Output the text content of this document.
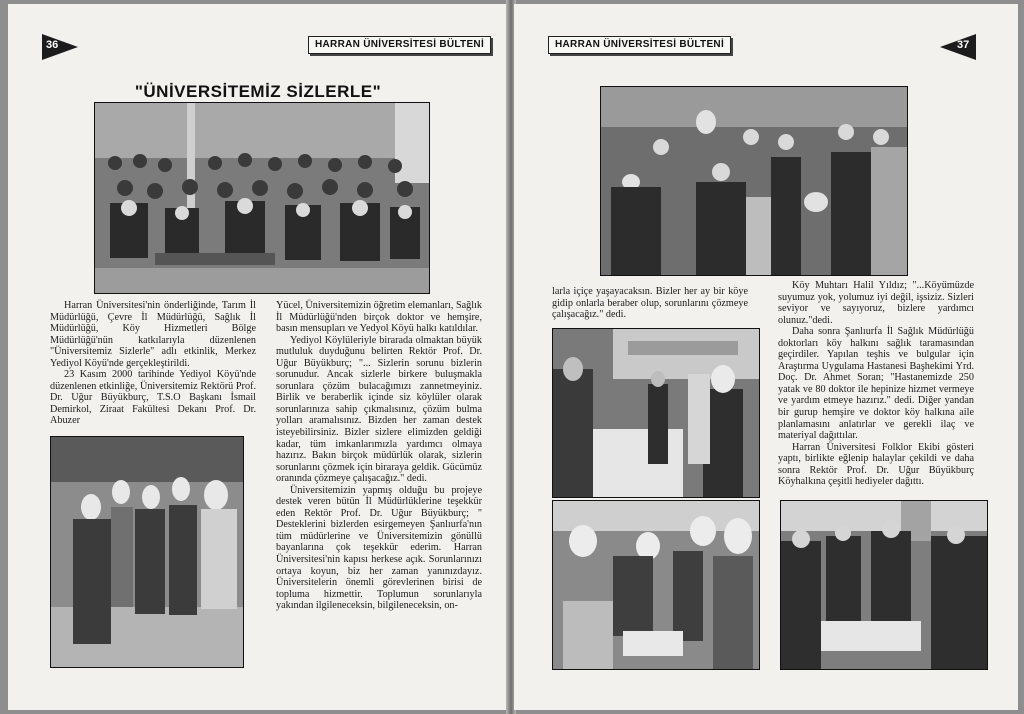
36	HARRAN ÜNİVERSİTESİ BÜLTENİ
"ÜNİVERSİTEMİZ SİZLERLE"

Harran Üniversitesi'nin önderliğinde, Tarım İl Müdürlüğü, Çevre İl Müdürlüğü, Sağlık İl Müdürlüğü, Köy Hizmetleri Bölge Müdürlüğü'nün katkılarıyla düzenlenen "Üniversitemiz Sizlerle" adlı etkinlik, Merkez Yediyol Köyü'nde gerçekleştirildi.

23 Kasım 2000 tarihinde Yediyol Köyü'nde düzenlenen etkinliğe, Üniversitemiz Rektörü Prof. Dr. Uğur Büyükburç, T.S.O Başkanı İsmail Demirkol, Ziraat Fakültesi Dekanı Prof. Dr. Abuzer

Yücel, Üniversitemizin öğretim elemanları, Sağlık İl Müdürlüğü'nden birçok doktor ve hemşire, basın mensupları ve Yedyol Köyü halkı katıldılar.

Yediyol Köylüleriyle birarada olmaktan büyük mutluluk duyduğunu belirten Rektör Prof. Dr. Uğur Büyükburç; "... Sizlerin sorunu bizlerin sorunudur. Ancak sizlerle birkere buluşmakla sorunlara çözüm bulacağımızı zannetmeyiniz. Birlik ve beraberlik içinde siz köylüler olarak sorunlarınıza sahip çıkmalısınız, çözüm bulma yolları aramalısınız. Bizden her zaman destek isteyebilirsiniz. Bizler sizlere elimizden geldiği kadar, tüm imkanlarımızla yardımcı olmaya hazırız. Bakın birçok müdürlük olarak, sizlerin sorunlarını çözmek için biraraya geldik. Gücümüz oranında çözmeye çalışacağız." dedi.

Üniversitemizin yapmış olduğu bu projeye destek veren bütün İl Müdürlüklerine teşekkür eden Rektör Prof. Dr. Uğur Büyükburç; " Desteklerini bizlerden esirgemeyen Şanlıurfa'nın tüm müdürlerine ve Üniversitemizin gönüllü bayanlarına çok teşekkür ederim. Harran Üniversitesi'nin kapısı herkese açık. Sorunlarınızı ortaya koyun, biz her zaman yanınızdayız. Üniversitelerin önemli görevlerinen birisi de topluma hizmettir. Toplumun sorunlarıyla yakından ilgileneceksin, bilgileneceksin, on-

HARRAN ÜNİVERSİTESİ BÜLTENİ	37

larla içiçe yaşayacaksın. Bizler her ay bir köye gidip onlarla beraber olup, sorunlarını çözmeye çalışacağız." dedi.

Köy Muhtarı Halil Yıldız; "...Köyümüzde suyumuz yok, yolumuz iyi değil, işsiziz. Sizleri seviyor ve sayıyoruz, bizlere yardımcı olunuz."dedi.

Daha sonra Şanlıurfa İl Sağlık Müdürlüğü doktorları köy halkını sağlık taramasından geçirdiler. Yapılan teşhis ve bulgular için Araştırma Uygulama Hastanesi Başhekimi Yrd. Doç. Dr. Ahmet Soran; "Hastanemizde 250 yatak ve 80 doktor ile hepinize hizmet vermeye ve yardım etmeye hazırız." dedi. Diğer yandan bir gurup hemşire ve doktor köy halkına aile planlamasını anlatırlar ve gerekli ilaç ve materiyal dağıttılar.

Harran Üniversitesi Folklor Ekibi gösteri yaptı, birlikte eğlenip halaylar çekildi ve daha sonra Rektör Prof. Dr. Uğur Büyükburç Köyhalkına çeşitli hediyeler dağıttı.
